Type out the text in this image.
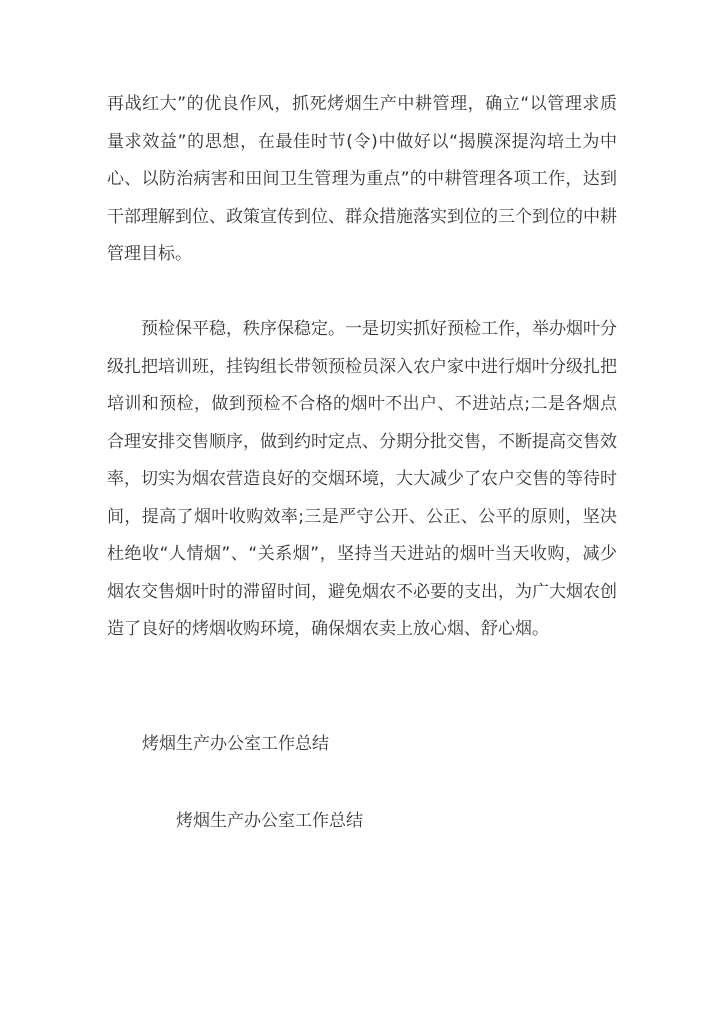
再战红大”的优良作风，抓死烤烟生产中耕管理，确立“以管理求质量求效益”的思想，在最佳时节(令)中做好以“揭膜深提沟培土为中心、以防治病害和田间卫生管理为重点”的中耕管理各项工作，达到干部理解到位、政策宣传到位、群众措施落实到位的三个到位的中耕管理目标。

预检保平稳，秩序保稳定。一是切实抓好预检工作，举办烟叶分级扎把培训班，挂钩组长带领预检员深入农户家中进行烟叶分级扎把培训和预检，做到预检不合格的烟叶不出户、不进站点;二是各烟点合理安排交售顺序，做到约时定点、分期分批交售，不断提高交售效率，切实为烟农营造良好的交烟环境，大大减少了农户交售的等待时间，提高了烟叶收购效率;三是严守公开、公正、公平的原则，坚决杜绝收“人情烟”、“关系烟”，坚持当天进站的烟叶当天收购，减少烟农交售烟叶时的滞留时间，避免烟农不必要的支出，为广大烟农创造了良好的烤烟收购环境，确保烟农卖上放心烟、舒心烟。

烤烟生产办公室工作总结

烤烟生产办公室工作总结
